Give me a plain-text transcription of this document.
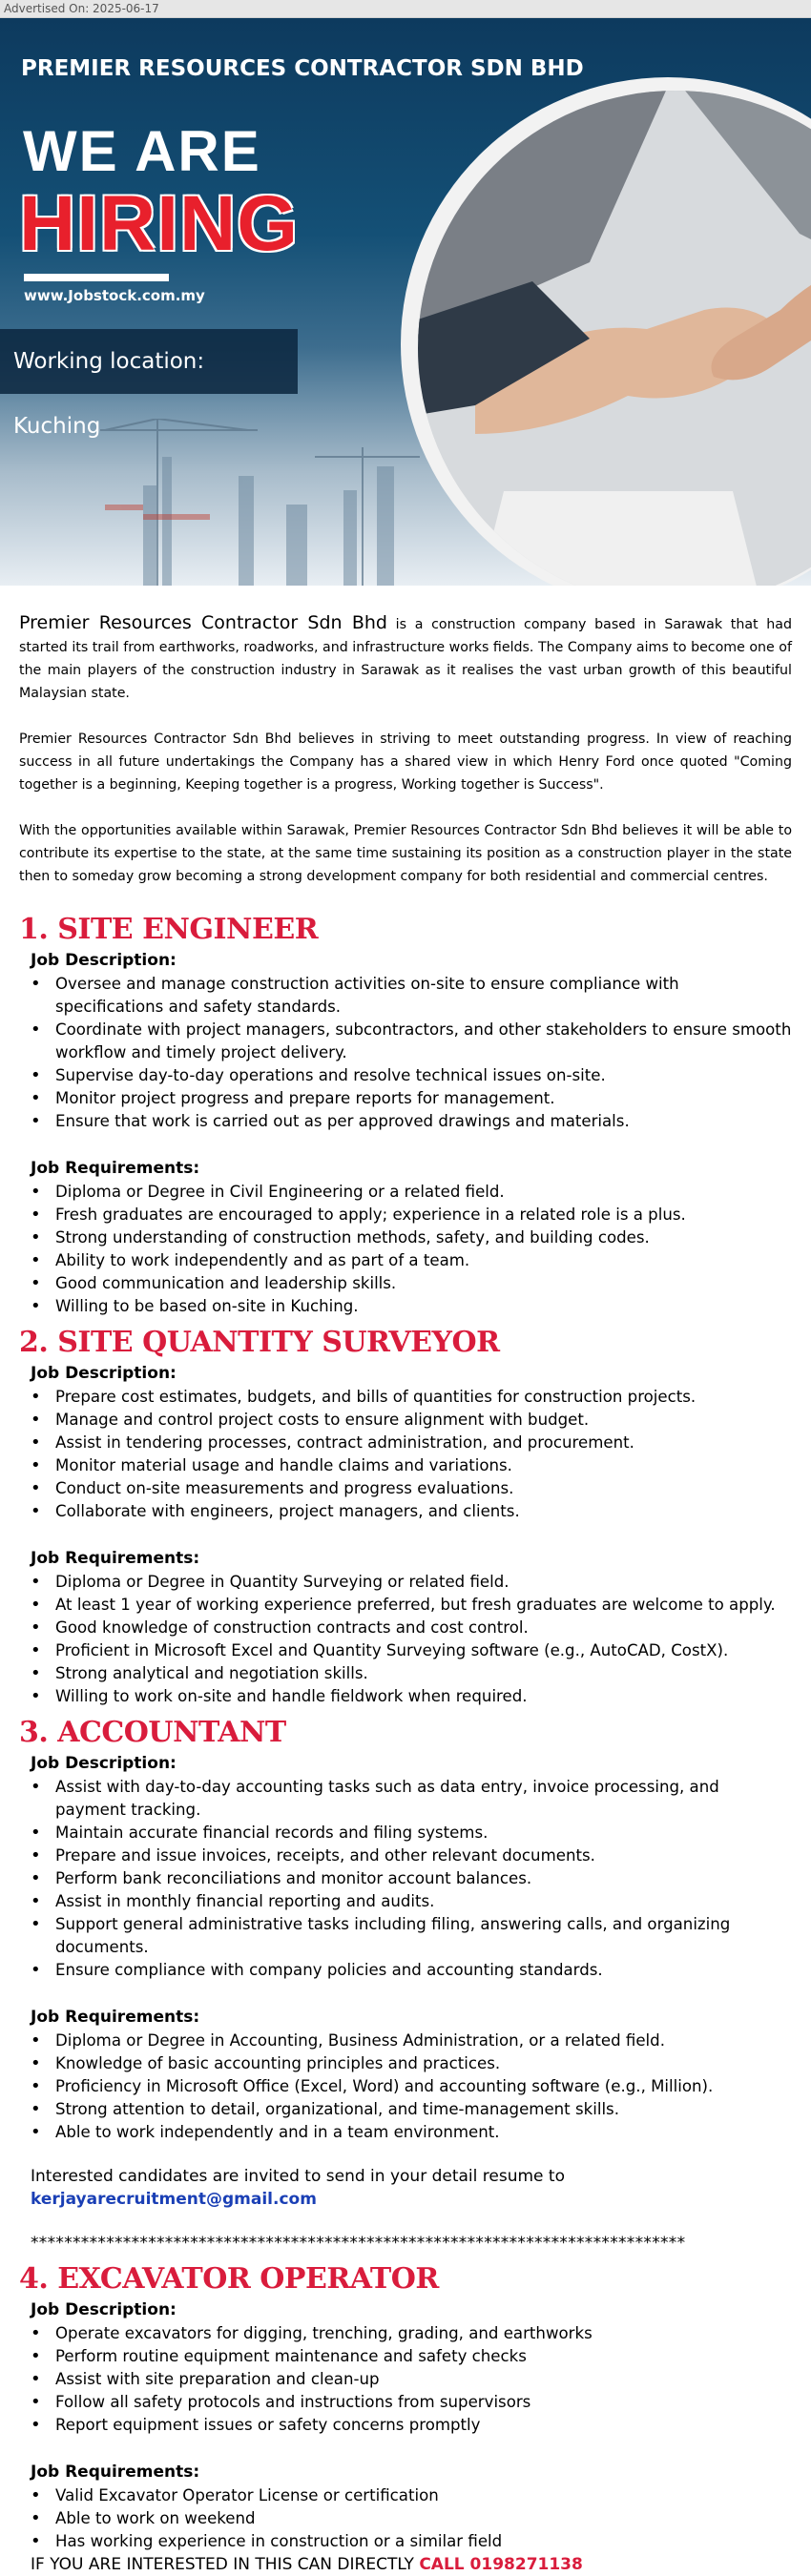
Advertised On: 2025-06-17
PREMIER RESOURCES CONTRACTOR SDN BHD
WE ARE
HIRING
www.Jobstock.com.my
Working location: Kuching

Premier Resources Contractor Sdn Bhd is a construction company based in Sarawak that had started its trail from earthworks, roadworks, and infrastructure works fields. The Company aims to become one of the main players of the construction industry in Sarawak as it realises the vast urban growth of this beautiful Malaysian state.

Premier Resources Contractor Sdn Bhd believes in striving to meet outstanding progress. In view of reaching success in all future undertakings the Company has a shared view in which Henry Ford once quoted "Coming together is a beginning, Keeping together is a progress, Working together is Success".

With the opportunities available within Sarawak, Premier Resources Contractor Sdn Bhd believes it will be able to contribute its expertise to the state, at the same time sustaining its position as a construction player in the state then to someday grow becoming a strong development company for both residential and commercial centres.

1. SITE ENGINEER
Job Description:
• Oversee and manage construction activities on-site to ensure compliance with specifications and safety standards.
• Coordinate with project managers, subcontractors, and other stakeholders to ensure smooth workflow and timely project delivery.
• Supervise day-to-day operations and resolve technical issues on-site.
• Monitor project progress and prepare reports for management.
• Ensure that work is carried out as per approved drawings and materials.
Job Requirements:
• Diploma or Degree in Civil Engineering or a related field.
• Fresh graduates are encouraged to apply; experience in a related role is a plus.
• Strong understanding of construction methods, safety, and building codes.
• Ability to work independently and as part of a team.
• Good communication and leadership skills.
• Willing to be based on-site in Kuching.
2. SITE QUANTITY SURVEYOR
Job Description:
• Prepare cost estimates, budgets, and bills of quantities for construction projects.
• Manage and control project costs to ensure alignment with budget.
• Assist in tendering processes, contract administration, and procurement.
• Monitor material usage and handle claims and variations.
• Conduct on-site measurements and progress evaluations.
• Collaborate with engineers, project managers, and clients.
Job Requirements:
• Diploma or Degree in Quantity Surveying or related field.
• At least 1 year of working experience preferred, but fresh graduates are welcome to apply.
• Good knowledge of construction contracts and cost control.
• Proficient in Microsoft Excel and Quantity Surveying software (e.g., AutoCAD, CostX).
• Strong analytical and negotiation skills.
• Willing to work on-site and handle fieldwork when required.
3. ACCOUNTANT
Job Description:
• Assist with day-to-day accounting tasks such as data entry, invoice processing, and payment tracking.
• Maintain accurate financial records and filing systems.
• Prepare and issue invoices, receipts, and other relevant documents.
• Perform bank reconciliations and monitor account balances.
• Assist in monthly financial reporting and audits.
• Support general administrative tasks including filing, answering calls, and organizing documents.
• Ensure compliance with company policies and accounting standards.
Job Requirements:
• Diploma or Degree in Accounting, Business Administration, or a related field.
• Knowledge of basic accounting principles and practices.
• Proficiency in Microsoft Office (Excel, Word) and accounting software (e.g., Million).
• Strong attention to detail, organizational, and time-management skills.
• Able to work independently and in a team environment.

Interested candidates are invited to send in your detail resume to kerjayarecruitment@gmail.com

******************************************************************************

4. EXCAVATOR OPERATOR
Job Description:
• Operate excavators for digging, trenching, grading, and earthworks
• Perform routine equipment maintenance and safety checks
• Assist with site preparation and clean-up
• Follow all safety protocols and instructions from supervisors
• Report equipment issues or safety concerns promptly
Job Requirements:
• Valid Excavator Operator License or certification
• Able to work on weekend
• Has working experience in construction or a similar field

IF YOU ARE INTERESTED IN THIS CAN DIRECTLY CALL 0198271138
